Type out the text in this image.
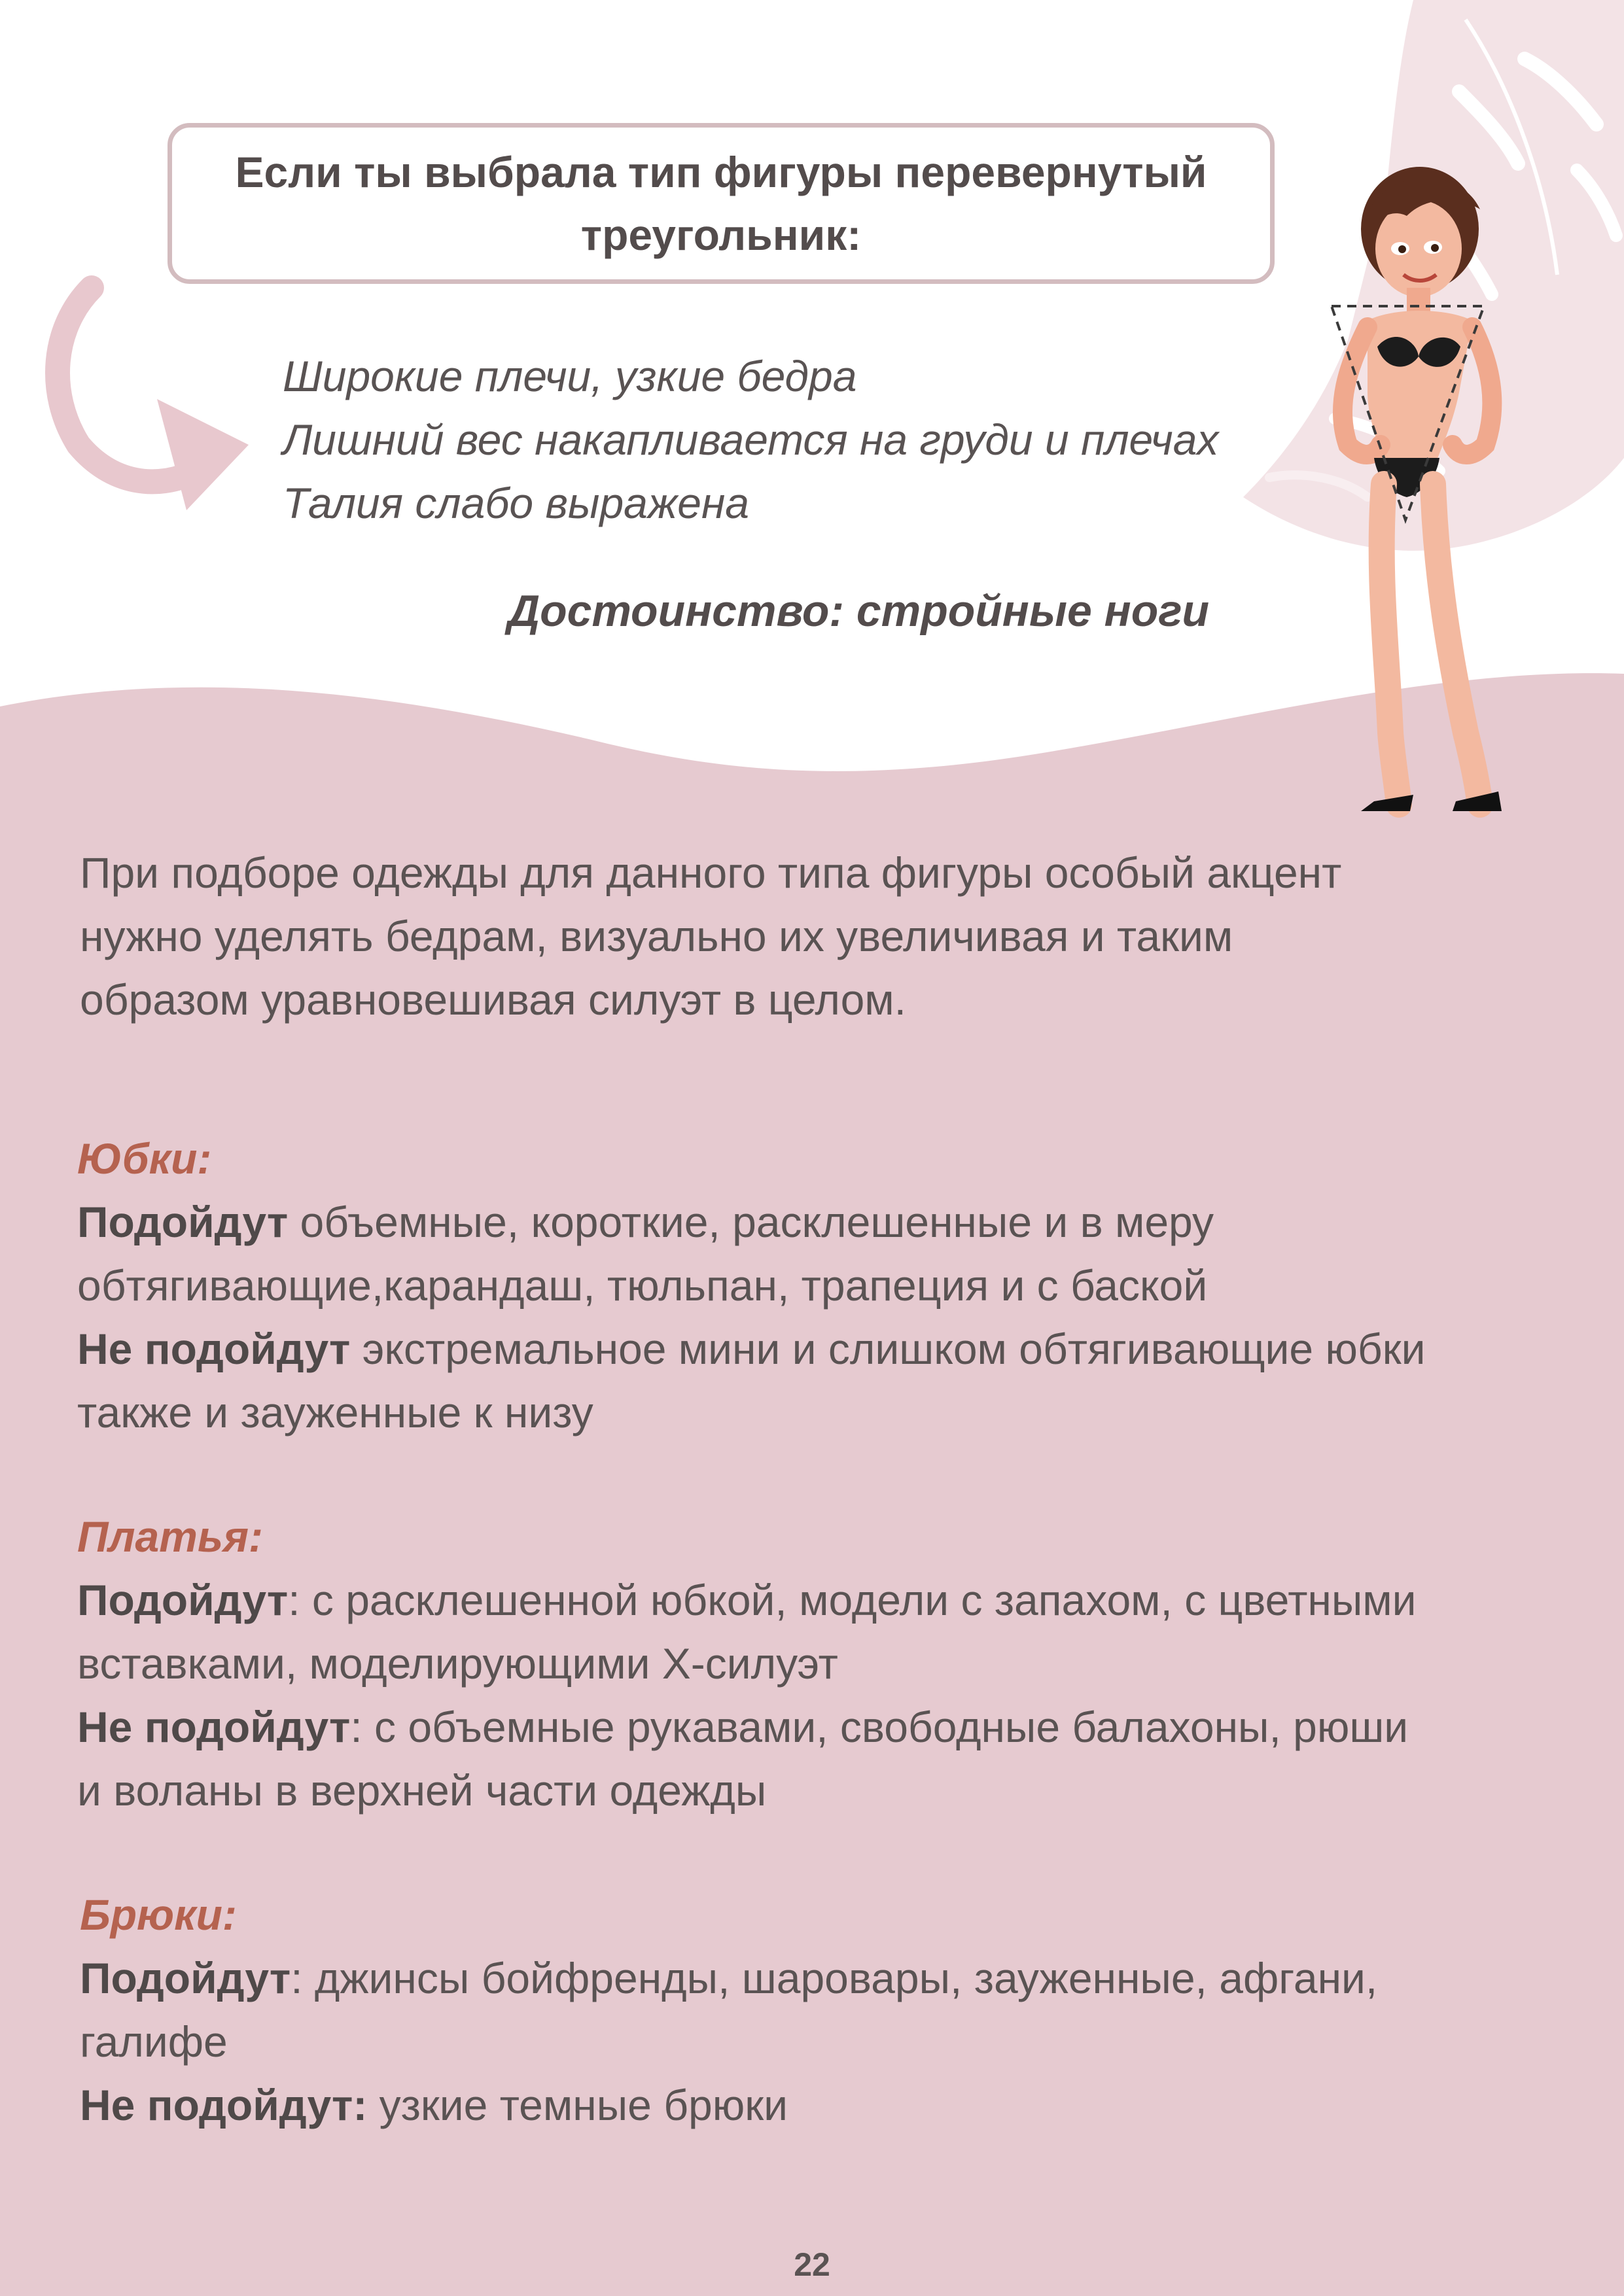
Если ты выбрала тип фигуры перевернутый
треугольник:
Широкие плечи, узкие бедра
Лишний вес накапливается на груди и плечах
Талия слабо выражена
Достоинство: стройные ноги
При подборе одежды для данного типа фигуры особый акцент
нужно уделять бедрам, визуально их увеличивая и таким
образом уравновешивая силуэт в целом.
Юбки:
Подойдут объемные, короткие, расклешенные и в меру
обтягивающие,карандаш, тюльпан, трапеция и с баской
Не подойдут экстремальное мини и слишком обтягивающие юбки
также и зауженные к низу
Платья:
Подойдут: с расклешенной юбкой, модели с запахом, с цветными
вставками, моделирующими Х-силуэт
Не подойдут: с объемные рукавами, свободные балахоны, рюши
и воланы в верхней части одежды
Брюки:
Подойдут: джинсы бойфренды, шаровары, зауженные, афгани,
галифе
Не подойдут: узкие темные брюки
22
